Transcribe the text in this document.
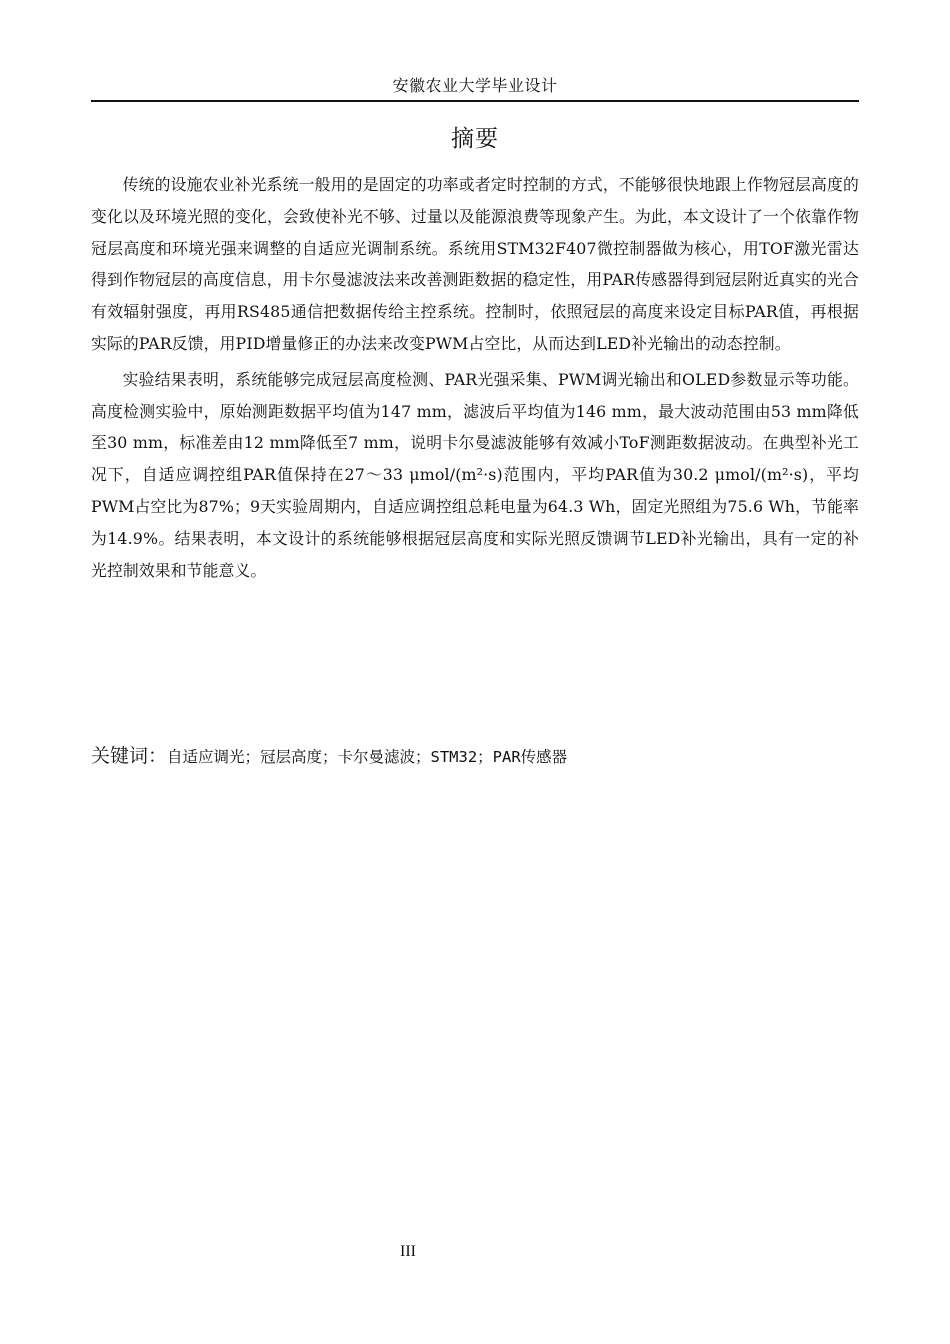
安徽农业大学毕业设计
摘要

传统的设施农业补光系统一般用的是固定的功率或者定时控制的方式，不能够很快地跟上作物冠层高度的变化以及环境光照的变化，会致使补光不够、过量以及能源浪费等现象产生。为此，本文设计了一个依靠作物冠层高度和环境光强来调整的自适应光调制系统。系统用STM32F407微控制器做为核心，用TOF激光雷达得到作物冠层的高度信息，用卡尔曼滤波法来改善测距数据的稳定性，用PAR传感器得到冠层附近真实的光合有效辐射强度，再用RS485通信把数据传给主控系统。控制时，依照冠层的高度来设定目标PAR值，再根据实际的PAR反馈，用PID增量修正的办法来改变PWM占空比，从而达到LED补光输出的动态控制。

实验结果表明，系统能够完成冠层高度检测、PAR光强采集、PWM调光输出和OLED参数显示等功能。高度检测实验中，原始测距数据平均值为147 mm，滤波后平均值为146 mm，最大波动范围由53 mm降低至30 mm，标准差由12 mm降低至7 mm，说明卡尔曼滤波能够有效减小ToF测距数据波动。在典型补光工况下，自适应调控组PAR值保持在27～33 μmol/(m²·s)范围内，平均PAR值为30.2 μmol/(m²·s)，平均PWM占空比为87%；9天实验周期内，自适应调控组总耗电量为64.3 Wh，固定光照组为75.6 Wh，节能率为14.9%。结果表明，本文设计的系统能够根据冠层高度和实际光照反馈调节LED补光输出，具有一定的补光控制效果和节能意义。

关键词：自适应调光；冠层高度；卡尔曼滤波；STM32；PAR传感器
III
